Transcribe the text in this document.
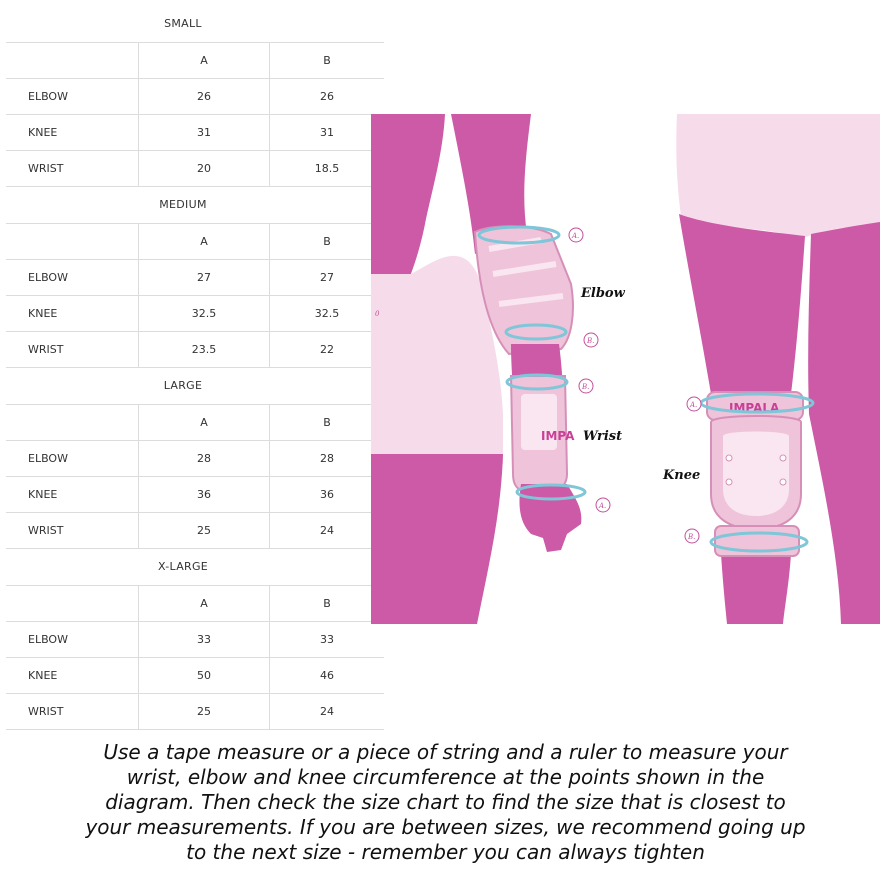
SMALL
	A	B
ELBOW	26	26
KNEE	31	31
WRIST	20	18.5
MEDIUM
	A	B
ELBOW	27	27
KNEE	32.5	32.5
WRIST	23.5	22
LARGE
	A	B
ELBOW	28	28
KNEE	36	36
WRIST	25	24
X-LARGE
	A	B
ELBOW	33	33
KNEE	50	46
WRIST	25	24
0
IMPA
A.
B.
B.
A.
Elbow
Wrist
IMPALA
A.
B.
Knee
Use a tape measure or a piece of string and a ruler to measure your
wrist, elbow and knee circumference at the points shown in the
diagram. Then check the size chart to find the size that is closest to
your measurements. If you are between sizes, we recommend going up
to the next size - remember you can always tighten
